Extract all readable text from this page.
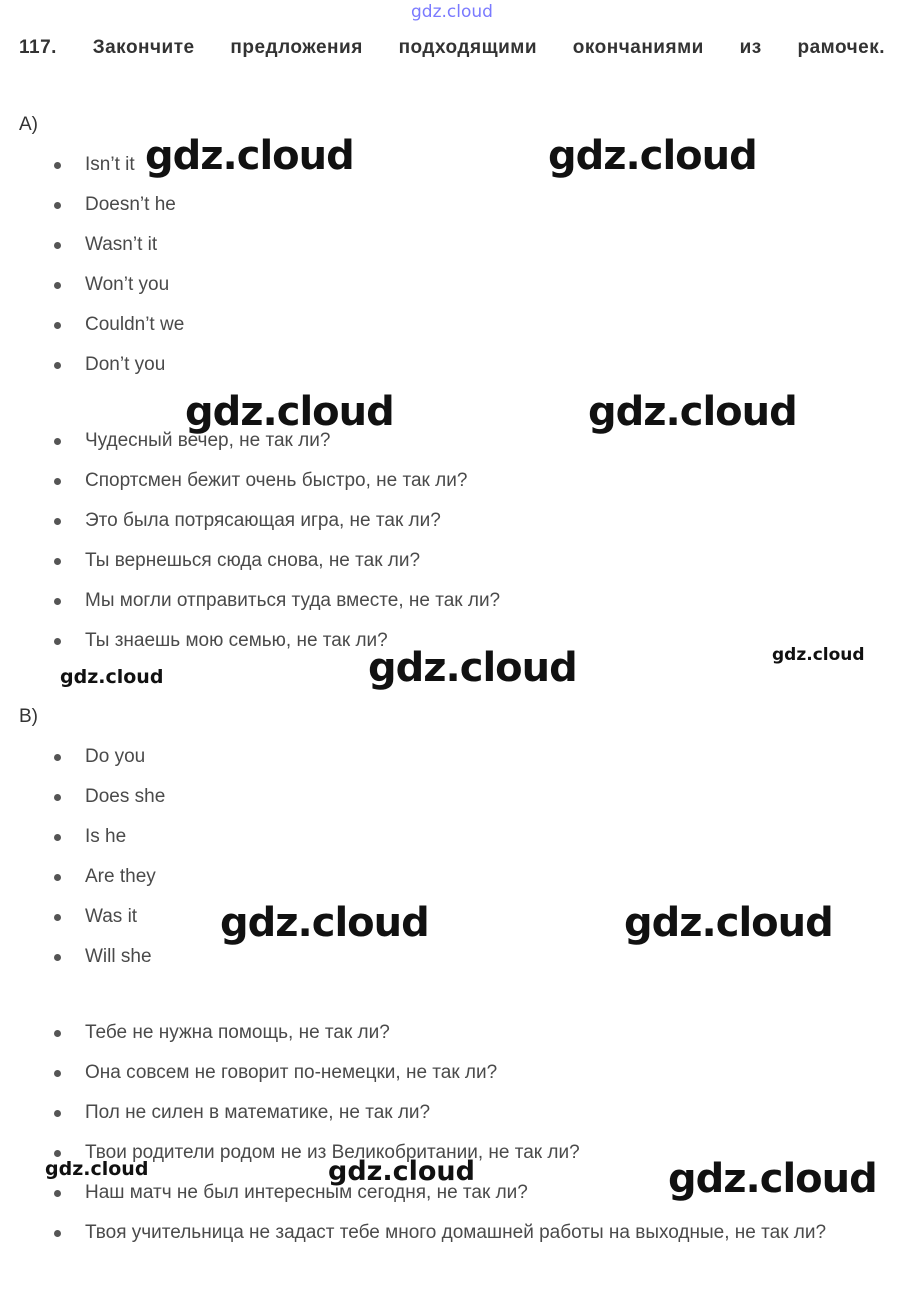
gdz.cloud
117. Закончите предложения подходящими окончаниями из рамочек.
A)
Isn’t it
Doesn’t he
Wasn’t it
Won’t you
Couldn’t we
Don’t you
Чудесный вечер, не так ли?
Спортсмен бежит очень быстро, не так ли?
Это была потрясающая игра, не так ли?
Ты вернешься сюда снова, не так ли?
Мы могли отправиться туда вместе, не так ли?
Ты знаешь мою семью, не так ли?
B)
Do you
Does she
Is he
Are they
Was it
Will she
Тебе не нужна помощь, не так ли?
Она совсем не говорит по-немецки, не так ли?
Пол не силен в математике, не так ли?
Твои родители родом не из Великобритании, не так ли?
Наш матч не был интересным сегодня, не так ли?
Твоя учительница не задаст тебе много домашней работы на выходные, не так ли?
gdz.cloud	gdz.cloud
gdz.cloud	gdz.cloud
gdz.cloud
gdz.cloud
gdz.cloud
gdz.cloud	gdz.cloud
gdz.cloud	gdz.cloud	gdz.cloud
